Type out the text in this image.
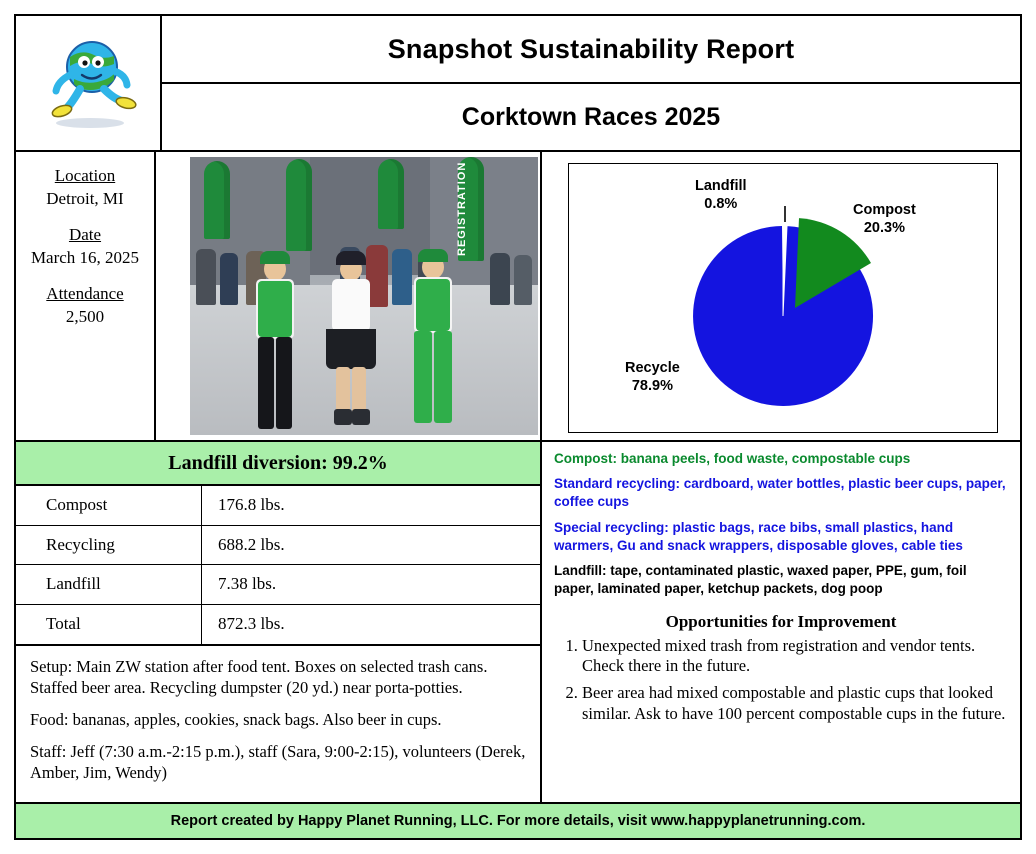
Snapshot Sustainability Report
Corktown Races 2025
Location
Detroit, MI
Date
March 16, 2025
Attendance
2,500
REGISTRATION
Landfill diversion: 99.2%
Compost	176.8 lbs.
Recycling	688.2 lbs.
Landfill	7.38 lbs.
Total	872.3 lbs.

Setup: Main ZW station after food tent. Boxes on selected trash cans. Staffed beer area. Recycling dumpster (20 yd.) near porta-potties.

Food: bananas, apples, cookies, snack bags. Also beer in cups.

Staff: Jeff (7:30 a.m.-2:15 p.m.), staff (Sara, 9:00-2:15), volunteers (Derek, Amber, Jim, Wendy)

Landfill
0.8%	Compost
20.3%
Recycle
78.9%

Compost: banana peels, food waste, compostable cups

Standard recycling: cardboard, water bottles, plastic beer cups, paper, coffee cups

Special recycling: plastic bags, race bibs, small plastics, hand warmers, Gu and snack wrappers, disposable gloves, cable ties

Landfill: tape, contaminated plastic, waxed paper, PPE, gum, foil paper, laminated paper, ketchup packets, dog poop

Opportunities for Improvement
1. Unexpected mixed trash from registration and vendor tents. Check there in the future.
2. Beer area had mixed compostable and plastic cups that looked similar. Ask to have 100 percent compostable cups in the future.
Report created by Happy Planet Running, LLC. For more details, visit www.happyplanetrunning.com.
